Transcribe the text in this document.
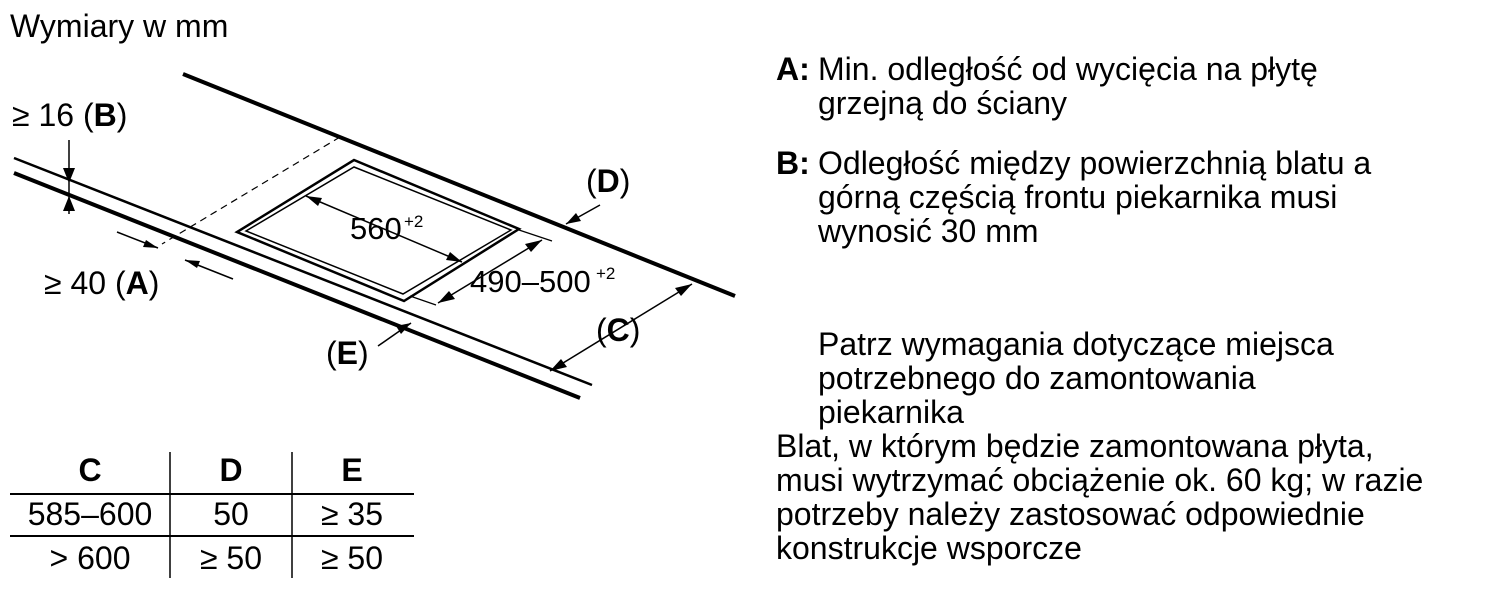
Wymiary w mm
560 +2
490–500 +2
≥ 16 (B)
≥ 40 (A)
(D)
(C)
(E)
C	D	E
585–600 50 ≥ 35
> 600 ≥ 50 ≥ 50
A: Min. odległość od wycięcia na płytę
grzejną do ściany
B: Odległość między powierzchnią blatu a
górną częścią frontu piekarnika musi
wynosić 30 mm
Patrz wymagania dotyczące miejsca
potrzebnego do zamontowania
piekarnika
Blat, w którym będzie zamontowana płyta,
musi wytrzymać obciążenie ok. 60 kg; w razie
potrzeby należy zastosować odpowiednie
konstrukcje wsporcze
